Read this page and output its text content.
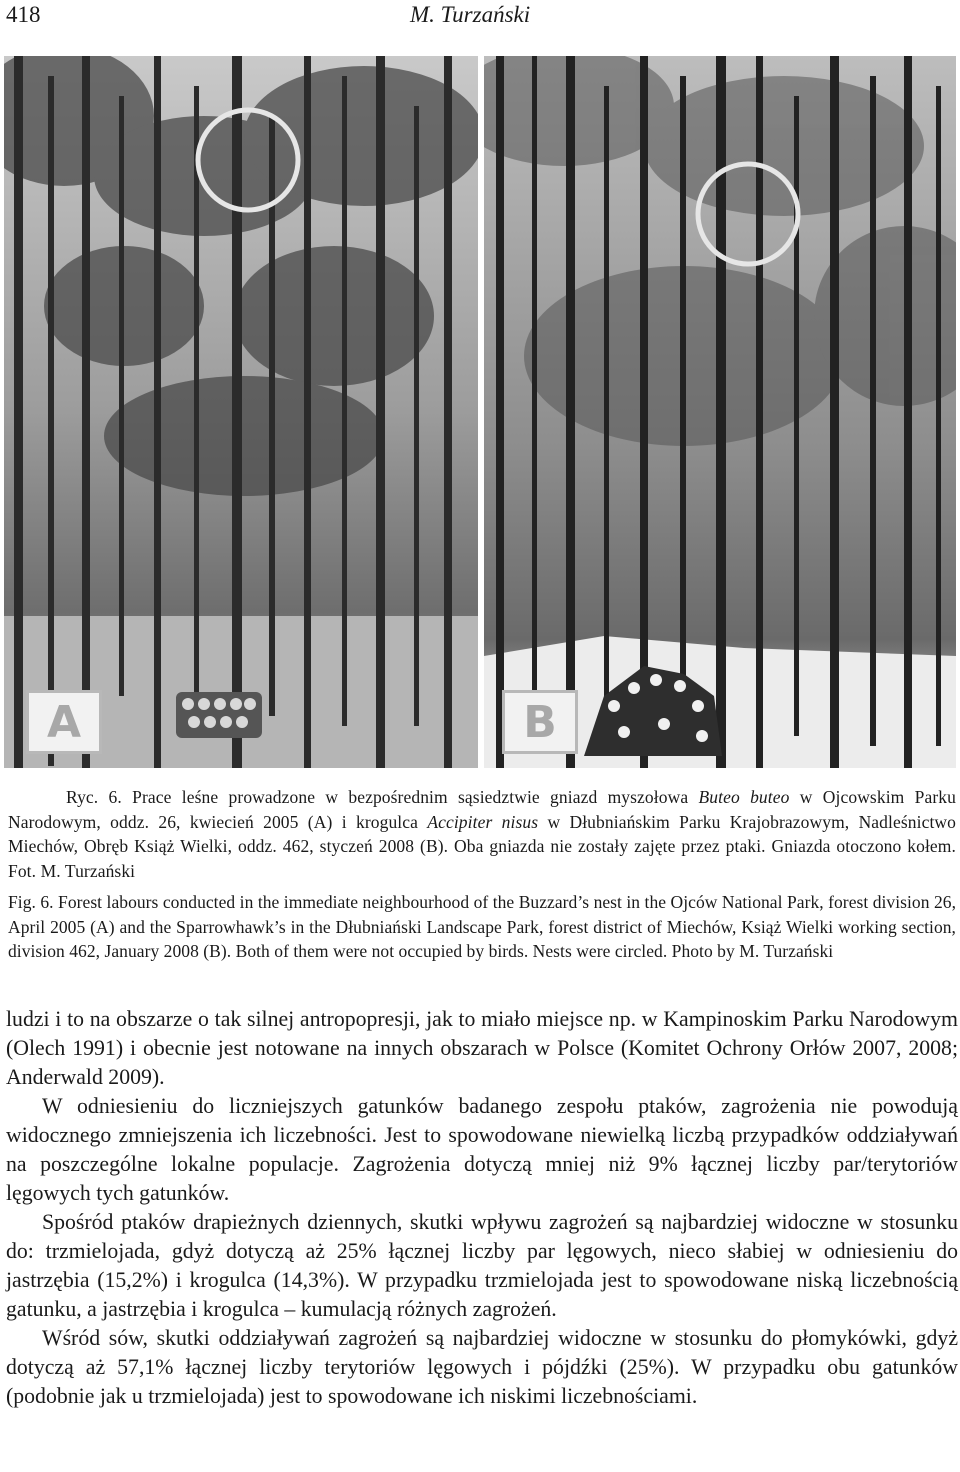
418	M. Turzański
A	B
Ryc. 6. Prace leśne prowadzone w bezpośrednim sąsiedztwie gniazd myszołowa Buteo buteo w Ojcowskim Parku Narodowym, oddz. 26, kwiecień 2005 (A) i krogulca Accipiter nisus w Dłubniańskim Parku Krajobrazowym, Nadleśnictwo Miechów, Obręb Książ Wielki, oddz. 462, styczeń 2008 (B). Oba gniazda nie zostały zajęte przez ptaki. Gniazda otoczono kołem. Fot. M. Turzański
Fig. 6. Forest labours conducted in the immediate neighbourhood of the Buzzard’s nest in the Ojców National Park, forest division 26, April 2005 (A) and the Sparrowhawk’s in the Dłubniański Landscape Park, forest district of Miechów, Książ Wielki working section, division 462, January 2008 (B). Both of them were not occupied by birds. Nests were circled. Photo by M. Turzański

ludzi i to na obszarze o tak silnej antropopresji, jak to miało miejsce np. w Kampinoskim Parku Narodowym (Olech 1991) i obecnie jest notowane na innych obszarach w Polsce (Komitet Ochrony Orłów 2007, 2008; Anderwald 2009).

W odniesieniu do liczniejszych gatunków badanego zespołu ptaków, zagrożenia nie powodują widocznego zmniejszenia ich liczebności. Jest to spowodowane niewielką liczbą przypadków oddziaływań na poszczególne lokalne populacje. Zagrożenia dotyczą mniej niż 9% łącznej liczby par/terytoriów lęgowych tych gatunków.

Spośród ptaków drapieżnych dziennych, skutki wpływu zagrożeń są najbardziej widoczne w stosunku do: trzmielojada, gdyż dotyczą aż 25% łącznej liczby par lęgowych, nieco słabiej w odniesieniu do jastrzębia (15,2%) i krogulca (14,3%). W przypadku trzmielojada jest to spowodowane niską liczebnością gatunku, a jastrzębia i krogulca – kumulacją różnych zagrożeń.

Wśród sów, skutki oddziaływań zagrożeń są najbardziej widoczne w stosunku do płomykówki, gdyż dotyczą aż 57,1% łącznej liczby terytoriów lęgowych i pójdźki (25%). W przypadku obu gatunków (podobnie jak u trzmielojada) jest to spowodowane ich niskimi liczebnościami.
